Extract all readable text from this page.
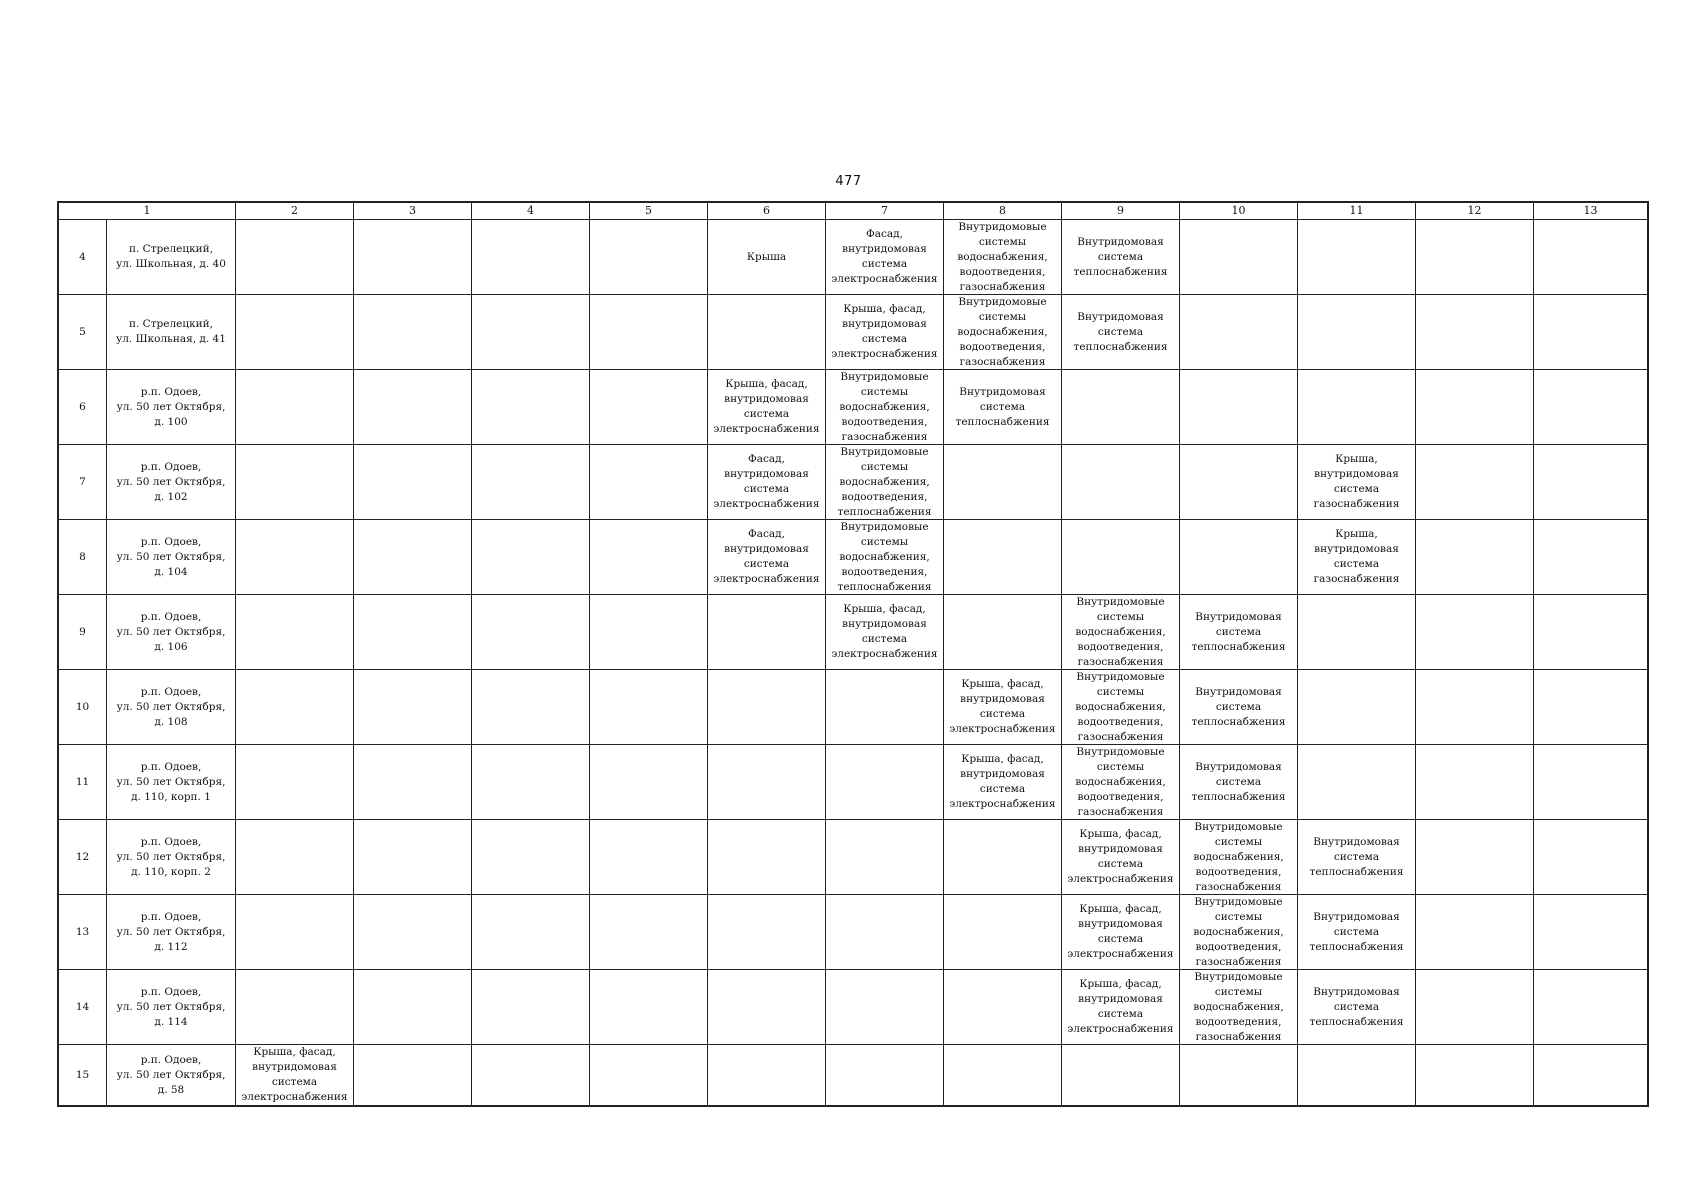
477
1		2	3	4	5	6	7	8	9	10	11	12	13
4	п. Стрелецкий,
ул. Школьная, д. 40					Крыша	Фасад,
внутридомовая
система
электроснабжения	Внутридомовые
системы
водоснабжения,
водоотведения,
газоснабжения	Внутридомовая
система
теплоснабжения				

5	п. Стрелецкий,
ул. Школьная, д. 41						Крыша, фасад,
внутридомовая
система
электроснабжения	Внутридомовые
системы
водоснабжения,
водоотведения,
газоснабжения	Внутридомовая
система
теплоснабжения				

6	р.п. Одоев,
ул. 50 лет Октября,
д. 100					Крыша, фасад,
внутридомовая
система
электроснабжения	Внутридомовые
системы
водоснабжения,
водоотведения,
газоснабжения	Внутридомовая
система
теплоснабжения					

7	р.п. Одоев,
ул. 50 лет Октября,
д. 102					Фасад,
внутридомовая
система
электроснабжения	Внутридомовые
системы
водоснабжения,
водоотведения,
теплоснабжения				Крыша,
внутридомовая
система
газоснабжения		

8	р.п. Одоев,
ул. 50 лет Октября,
д. 104					Фасад,
внутридомовая
система
электроснабжения	Внутридомовые
системы
водоснабжения,
водоотведения,
теплоснабжения				Крыша,
внутридомовая
система
газоснабжения		

9	р.п. Одоев,
ул. 50 лет Октября,
д. 106						Крыша, фасад,
внутридомовая
система
электроснабжения		Внутридомовые
системы
водоснабжения,
водоотведения,
газоснабжения	Внутридомовая
система
теплоснабжения			

10	р.п. Одоев,
ул. 50 лет Октября,
д. 108							Крыша, фасад,
внутридомовая
система
электроснабжения	Внутридомовые
системы
водоснабжения,
водоотведения,
газоснабжения	Внутридомовая
система
теплоснабжения			

11	р.п. Одоев,
ул. 50 лет Октября,
д. 110, корп. 1							Крыша, фасад,
внутридомовая
система
электроснабжения	Внутридомовые
системы
водоснабжения,
водоотведения,
газоснабжения	Внутридомовая
система
теплоснабжения			

12	р.п. Одоев,
ул. 50 лет Октября,
д. 110, корп. 2								Крыша, фасад,
внутридомовая
система
электроснабжения	Внутридомовые
системы
водоснабжения,
водоотведения,
газоснабжения	Внутридомовая
система
теплоснабжения		

13	р.п. Одоев,
ул. 50 лет Октября,
д. 112								Крыша, фасад,
внутридомовая
система
электроснабжения	Внутридомовые
системы
водоснабжения,
водоотведения,
газоснабжения	Внутридомовая
система
теплоснабжения		

14	р.п. Одоев,
ул. 50 лет Октября,
д. 114								Крыша, фасад,
внутридомовая
система
электроснабжения	Внутридомовые
системы
водоснабжения,
водоотведения,
газоснабжения	Внутридомовая
система
теплоснабжения		

15	р.п. Одоев,
ул. 50 лет Октября,
д. 58	Крыша, фасад,
внутридомовая
система
электроснабжения											
